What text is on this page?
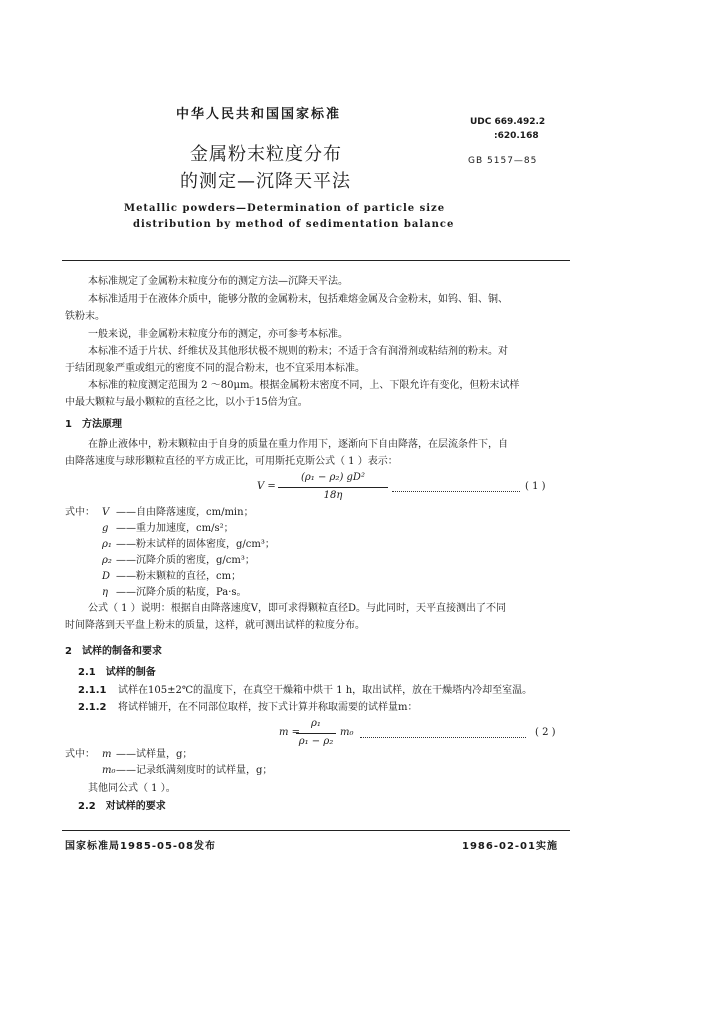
中华人民共和国国家标准
金属粉末粒度分布
的测定—沉降天平法
Metallic powders—Determination of particle size
distribution by method of sedimentation balance
UDC 669.492.2
:620.168
GB 5157—85
本标准规定了金属粉末粒度分布的测定方法—沉降天平法。
本标准适用于在液体介质中，能够分散的金属粉末，包括难熔金属及合金粉末，如钨、钼、铜、
铁粉末。
一般来说，非金属粉末粒度分布的测定，亦可参考本标准。
本标准不适于片状、纤维状及其他形状极不规则的粉末；不适于含有润滑剂或粘结剂的粉末。对
于结团现象严重或组元的密度不同的混合粉末，也不宜采用本标准。
本标准的粒度测定范围为 2 ～80μm。根据金属粉末密度不同，上、下限允许有变化，但粉末试样
中最大颗粒与最小颗粒的直径之比，以小于15倍为宜。
1　方法原理
在静止液体中，粉末颗粒由于自身的质量在重力作用下，逐渐向下自由降落，在层流条件下，自
由降落速度与球形颗粒直径的平方成正比，可用斯托克斯公式（ 1 ）表示：
V =
(ρ₁ − ρ₂) gD²
18η
( 1 )
式中： V ——自由降落速度，cm/min；
g ——重力加速度，cm/s²；
ρ₁ ——粉末试样的固体密度，g/cm³；
ρ₂ ——沉降介质的密度，g/cm³；
D ——粉末颗粒的直径，cm；
η ——沉降介质的粘度，Pa·s。
公式（ 1 ）说明：根据自由降落速度V，即可求得颗粒直径D。与此同时，天平直接测出了不同
时间降落到天平盘上粉末的质量，这样，就可测出试样的粒度分布。
2　试样的制备和要求
2.1　试样的制备
2.1.1 试样在105±2℃的温度下，在真空干燥箱中烘干 1 h，取出试样，放在干燥塔内冷却至室温。
2.1.2 将试样铺开，在不同部位取样，按下式计算并称取需要的试样量m：
m =
ρ₁
ρ₁ − ρ₂
m₀	( 2 )
式中： m ——试样量，g；
m₀ ——记录纸满刻度时的试样量，g；
其他同公式（ 1 ）。
2.2　对试样的要求
国家标准局1985-05-08发布	1986-02-01实施
